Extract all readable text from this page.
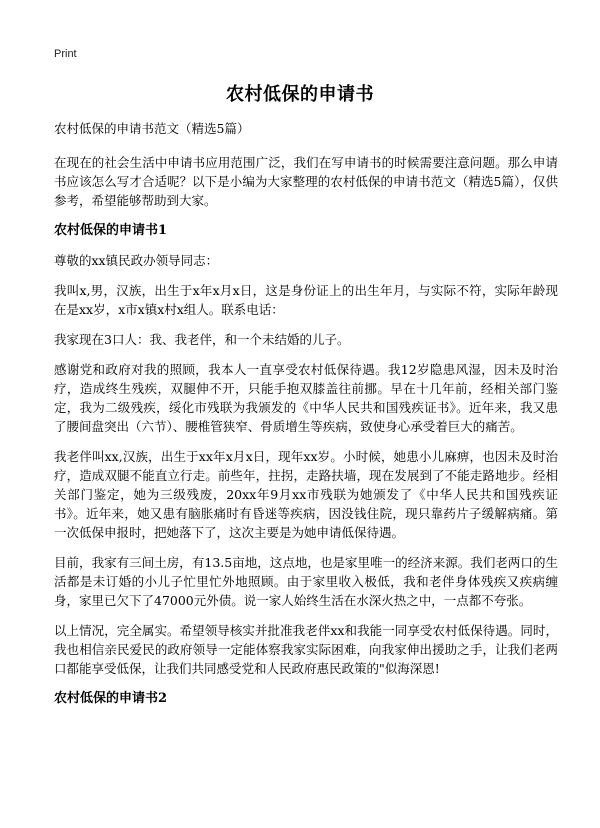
Print
农村低保的申请书

农村低保的申请书范文（精选5篇）

在现在的社会生活中申请书应用范围广泛，我们在写申请书的时候需要注意问题。那么申请书应该怎么写才合适呢？以下是小编为大家整理的农村低保的申请书范文（精选5篇），仅供参考，希望能够帮助到大家。

农村低保的申请书1

尊敬的xx镇民政办领导同志：

我叫x,男，汉族，出生于x年x月x日，这是身份证上的出生年月，与实际不符，实际年龄现在是xx岁，x市x镇x村x组人。联系电话：

我家现在3口人：我、我老伴，和一个未结婚的儿子。

感谢党和政府对我的照顾，我本人一直享受农村低保待遇。我12岁隐患风湿，因未及时治疗，造成终生残疾，双腿伸不开，只能手抱双膝盖往前挪。早在十几年前，经相关部门鉴定，我为二级残疾，绥化市残联为我颁发的《中华人民共和国残疾证书》。近年来，我又患了腰间盘突出（六节）、腰椎管狭窄、骨质增生等疾病，致使身心承受着巨大的痛苦。

我老伴叫xx,汉族，出生于xx年x月x日，现年xx岁。小时候，她患小儿麻痹，也因未及时治疗，造成双腿不能直立行走。前些年，拄拐，走路扶墙，现在发展到了不能走路地步。经相关部门鉴定，她为三级残废，20xx年9月xx市残联为她颁发了《中华人民共和国残疾证书》。近年来，她又患有脑胀痛时有昏迷等疾病，因没钱住院，现只靠药片子缓解病痛。第一次低保申报时，把她落下了，这次主要是为她申请低保待遇。

目前，我家有三间土房，有13.5亩地，这点地，也是家里唯一的经济来源。我们老两口的生活都是未订婚的小儿子忙里忙外地照顾。由于家里收入极低，我和老伴身体残疾又疾病缠身，家里已欠下了47000元外债。说一家人始终生活在水深火热之中，一点都不夸张。

以上情况，完全属实。希望领导核实并批准我老伴xx和我能一同享受农村低保待遇。同时，我也相信亲民爱民的政府领导一定能体察我家实际困难，向我家伸出援助之手，让我们老两口都能享受低保，让我们共同感受党和人民政府惠民政策的"似海深恩!

农村低保的申请书2
